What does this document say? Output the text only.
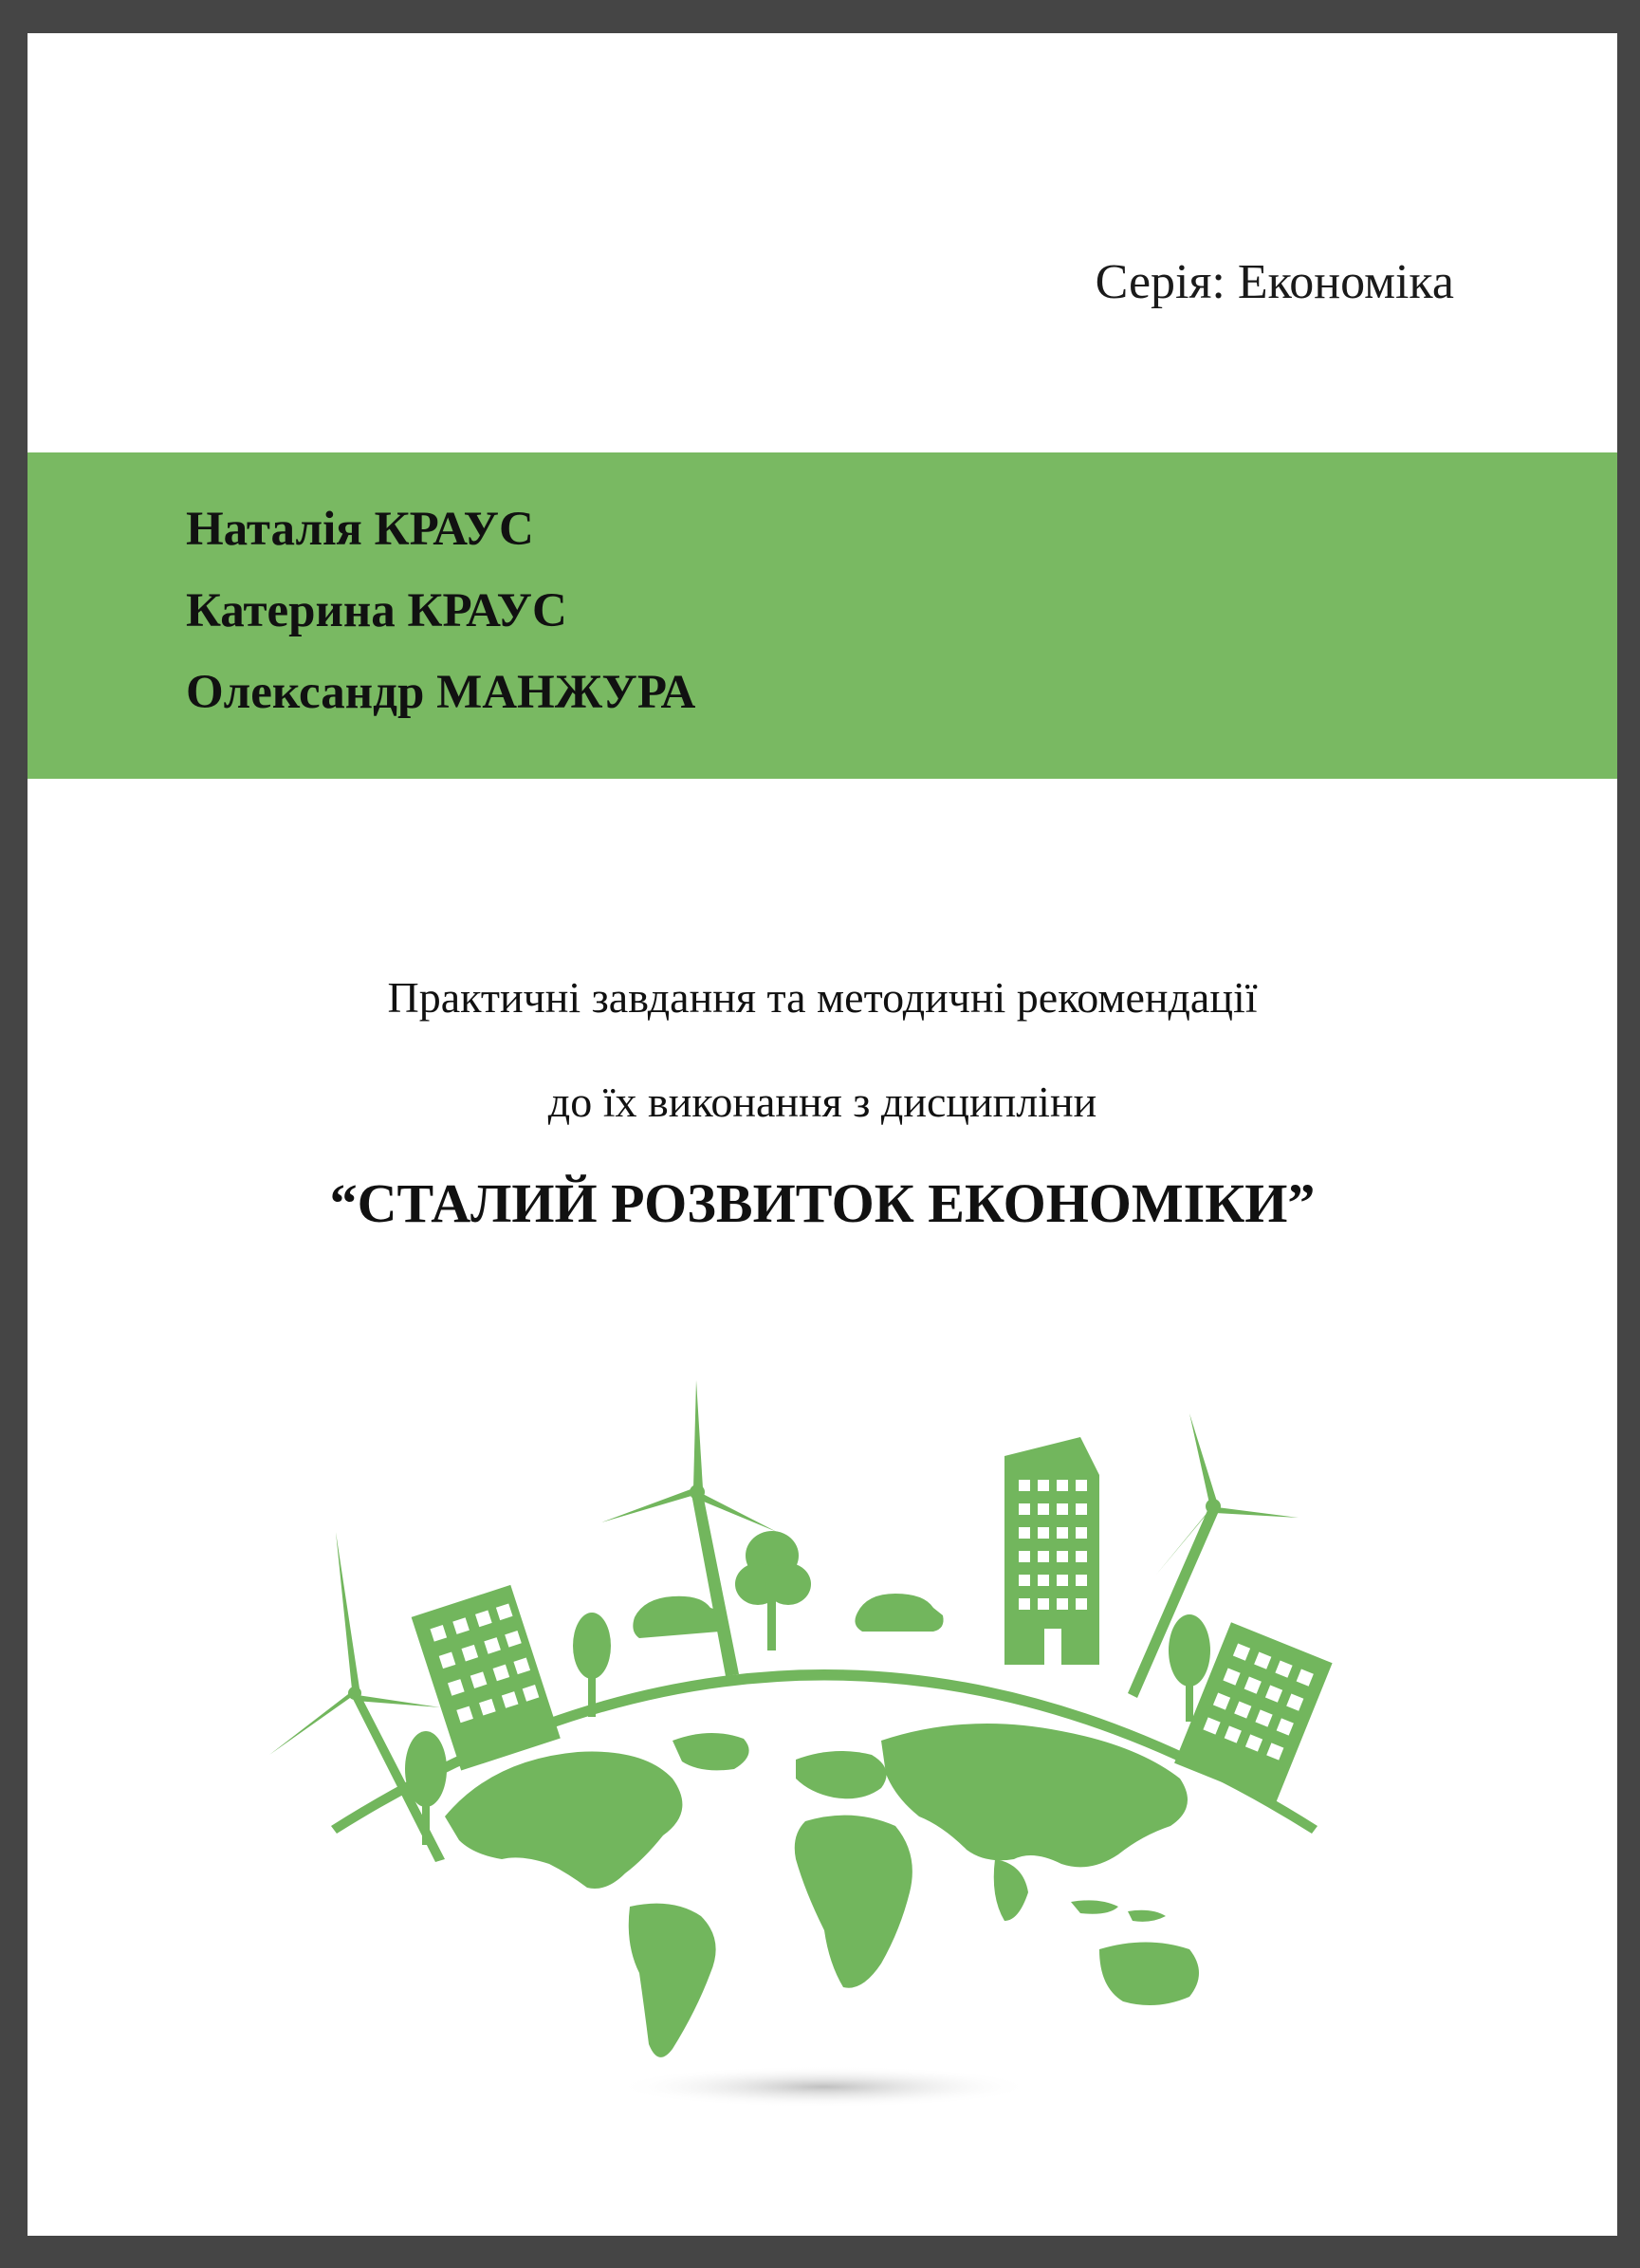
Серія: Економіка
Наталія КРАУС
Катерина КРАУС
Олександр МАНЖУРА
Практичні завдання та методичні рекомендації
до їх виконання з дисципліни
“СТАЛИЙ РОЗВИТОК ЕКОНОМІКИ”
